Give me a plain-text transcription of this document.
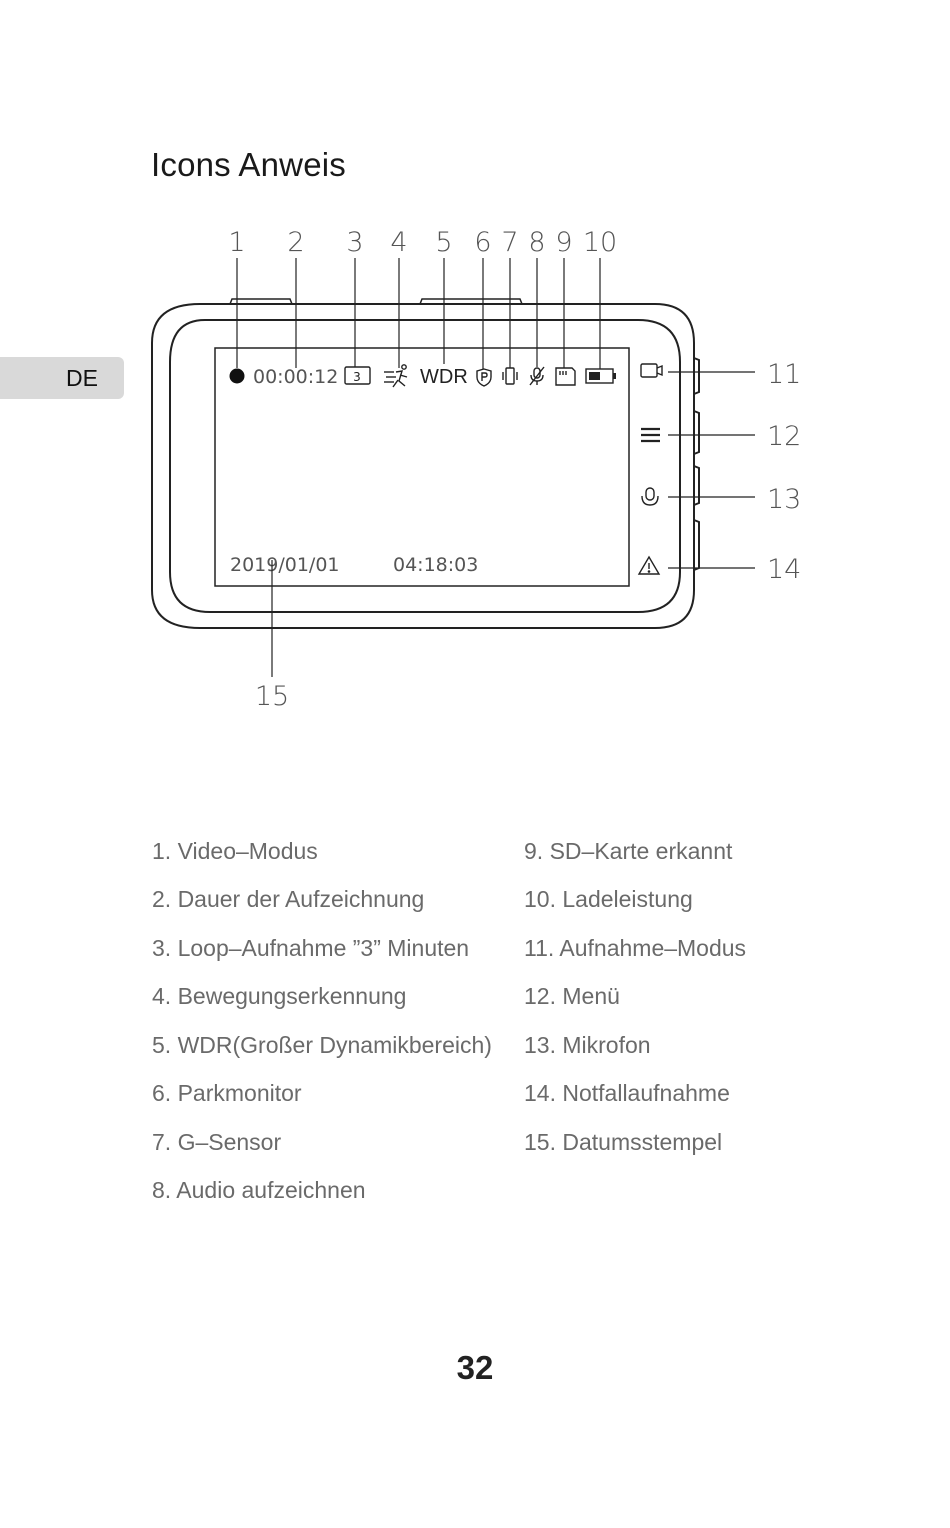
DE
Icons Anweis
1 2 3 4 5 6 7 8 9 10
11
12
13
14
15
00:00:12 3	WDR
2019/01/01	04:18:03
1. Video–Modus
2. Dauer der Aufzeichnung
3. Loop–Aufnahme ”3” Minuten
4. Bewegungserkennung
5. WDR(Großer Dynamikbereich)
6. Parkmonitor
7. G–Sensor
8. Audio aufzeichnen
9. SD–Karte erkannt
10. Ladeleistung
11. Aufnahme–Modus
12. Menü
13. Mikrofon
14. Notfallaufnahme
15. Datumsstempel
32
